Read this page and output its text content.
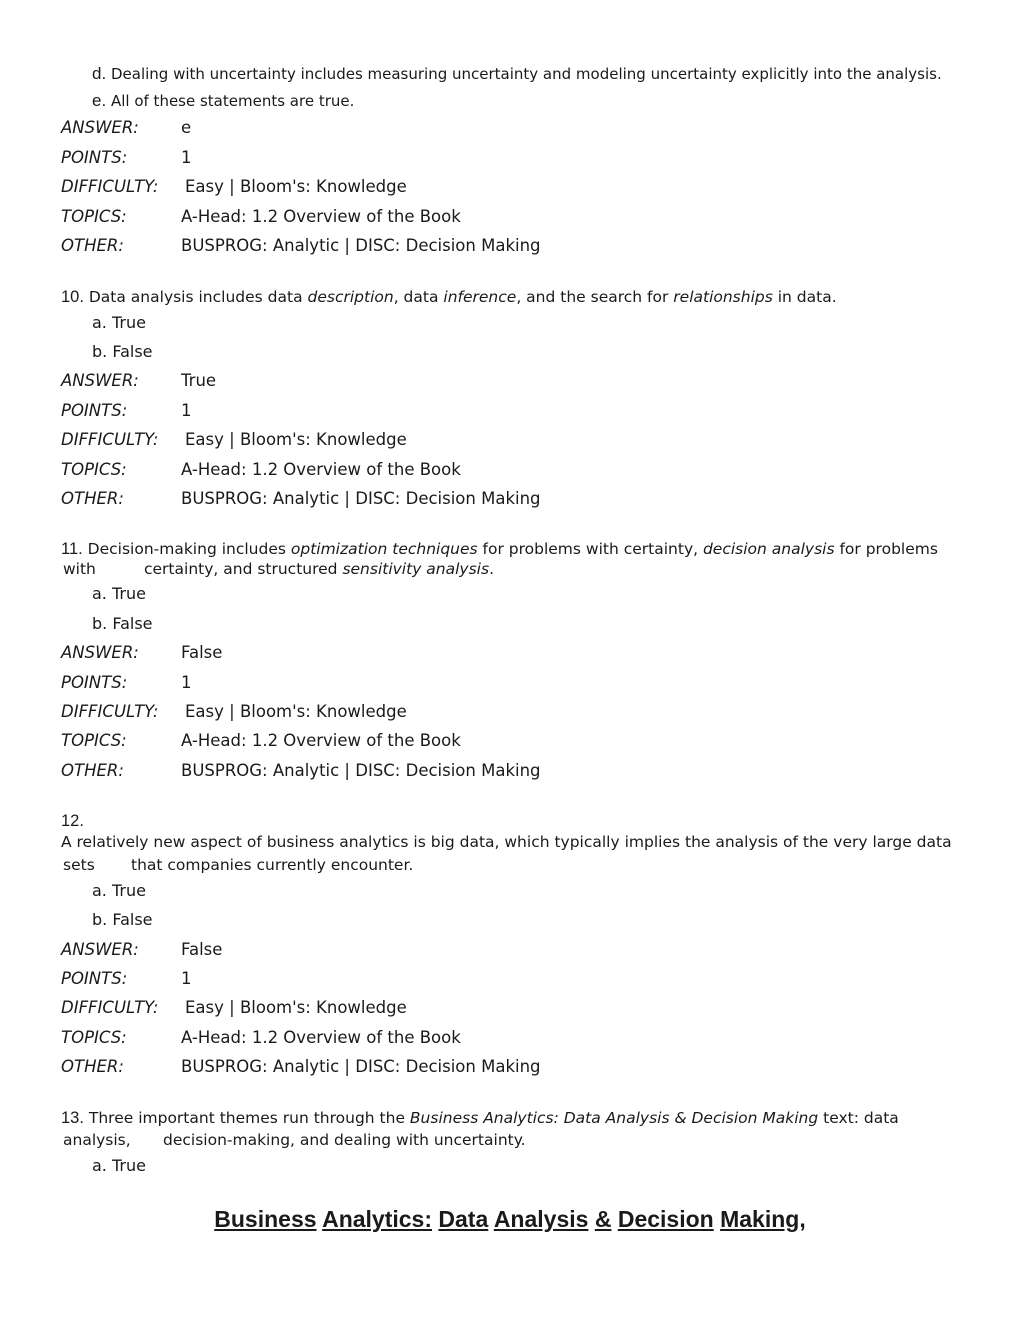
d. Dealing with uncertainty includes measuring uncertainty and modeling uncertainty explicitly into the analysis.
e. All of these statements are true.
ANSWER:	e
POINTS:	1
DIFFICULTY: Easy | Bloom's: Knowledge
TOPICS:	A-Head: 1.2 Overview of the Book
OTHER:	BUSPROG: Analytic | DISC: Decision Making
10. Data analysis includes data description, data inference, and the search for relationships in data.
a. True
b. False
ANSWER:	True
POINTS:	1
DIFFICULTY: Easy | Bloom's: Knowledge
TOPICS:	A-Head: 1.2 Overview of the Book
OTHER:	BUSPROG: Analytic | DISC: Decision Making
11. Decision-making includes optimization techniques for problems with certainty, decision analysis for problems
with	certainty, and structured sensitivity analysis.
a. True
b. False
ANSWER:	False
POINTS:	1
DIFFICULTY: Easy | Bloom's: Knowledge
TOPICS:	A-Head: 1.2 Overview of the Book
OTHER:	BUSPROG: Analytic | DISC: Decision Making
12.
A relatively new aspect of business analytics is big data, which typically implies the analysis of the very large data
sets that companies currently encounter.
a. True
b. False
ANSWER:	False
POINTS:	1
DIFFICULTY: Easy | Bloom's: Knowledge
TOPICS:	A-Head: 1.2 Overview of the Book
OTHER:	BUSPROG: Analytic | DISC: Decision Making
13. Three important themes run through the Business Analytics: Data Analysis & Decision Making text: data
analysis, decision-making, and dealing with uncertainty.
a. True
Business Analytics: Data Analysis & Decision Making,
